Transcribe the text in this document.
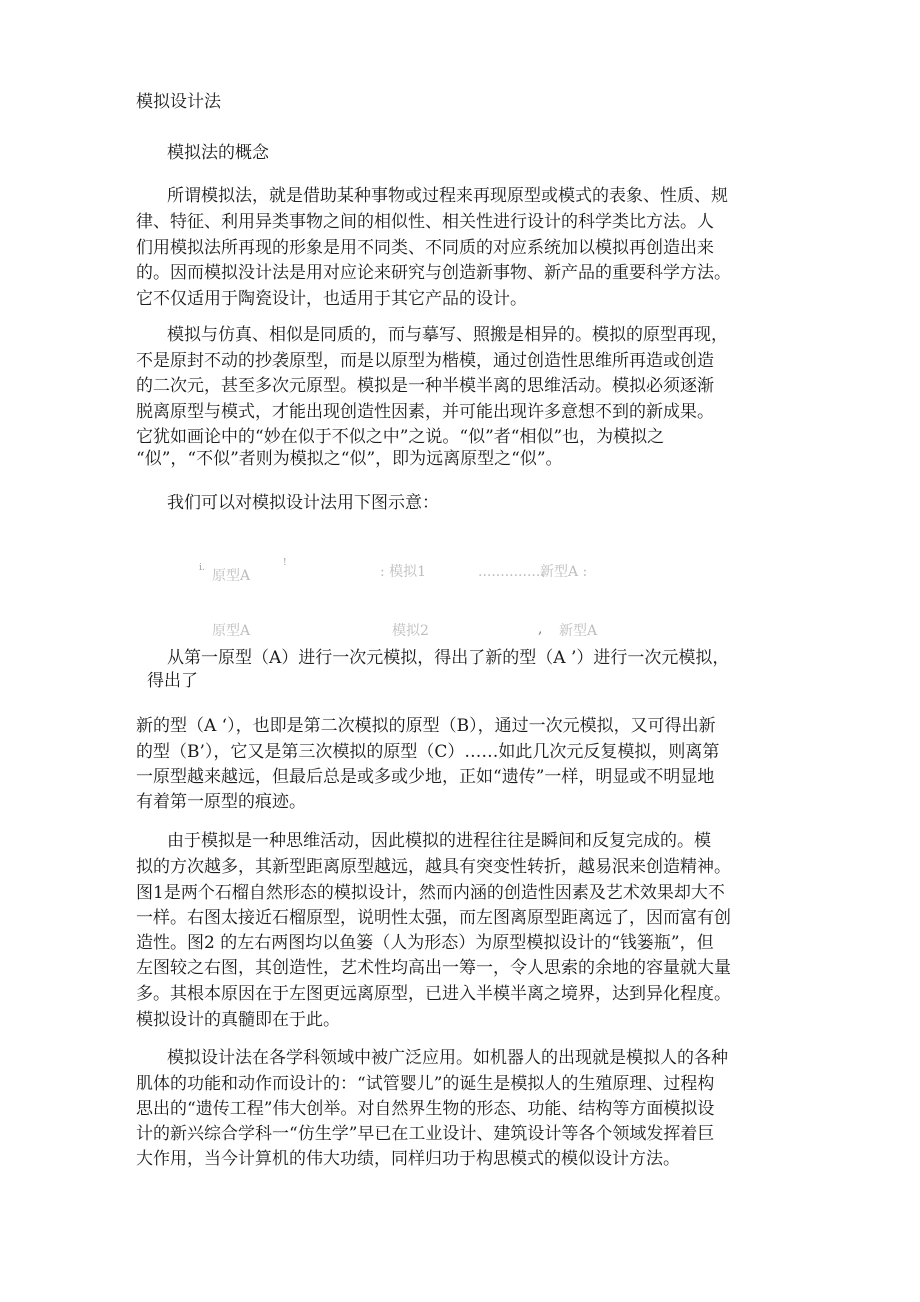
模拟设计法
模拟法的概念
所谓模拟法，就是借助某种事物或过程来再现原型或模式的表象、性质、规
律、特征、利用异类事物之间的相似性、相关性进行设计的科学类比方法。人
们用模拟法所再现的形象是用不同类、不同质的对应系统加以模拟再创造出来
的。因而模拟没计法是用对应论来研究与创造新事物、新产品的重要科学方法。
它不仅适用于陶瓷设计，也适用于其它产品的设计。
模拟与仿真、相似是同质的，而与摹写、照搬是相异的。模拟的原型再现，
不是原封不动的抄袭原型，而是以原型为楷模，通过创造性思维所再造或创造
的二次元，甚至多次元原型。模拟是一种半模半离的思维活动。模拟必须逐渐
脱离原型与模式，才能出现创造性因素，并可能出现许多意想不到的新成果。
它犹如画论中的“妙在似于不似之中”之说。“似”者“相似”也，为模拟之
“似”，“不似”者则为模拟之“似”，即为远离原型之“似”。
我们可以对模拟设计法用下图示意：
i.	!
原型A	: 模拟1	...............
新型A :
原型A	模拟2	, 新型A
从第一原型（A）进行一次元模拟，得出了新的型（A ’）进行一次元模拟，
得出了
新的型（A ‘），也即是第二次模拟的原型（B），通过一次元模拟，又可得出新
的型（B’），它又是第三次模拟的原型（C）……如此几次元反复模拟，则离第
一原型越来越远，但最后总是或多或少地，正如“遗传”一样，明显或不明显地
有着第一原型的痕迹。
由于模拟是一种思维活动，因此模拟的进程往往是瞬间和反复完成的。模
拟的方次越多，其新型距离原型越远，越具有突变性转折，越易泯来创造精神。
图1是两个石榴自然形态的模拟设计，然而内涵的创造性因素及艺术效果却大不
一样。右图太接近石榴原型，说明性太强，而左图离原型距离远了，因而富有创
造性。图2 的左右两图均以鱼篓（人为形态）为原型模拟设计的“钱篓瓶”，但
左图较之右图，其创造性，艺术性均高出一筹一，令人思索的余地的容量就大量
多。其根本原因在于左图更远离原型，已进入半模半离之境界，达到异化程度。
模拟设计的真髓即在于此。
模拟设计法在各学科领域中被广泛应用。如机器人的出现就是模拟人的各种
肌体的功能和动作而设计的：“试管婴儿”的诞生是模拟人的生殖原理、过程构
思出的“遗传工程”伟大创举。对自然界生物的形态、功能、结构等方面模拟设
计的新兴综合学科一“仿生学”早已在工业设计、建筑设计等各个领域发挥着巨
大作用，当今计算机的伟大功绩，同样归功于构思模式的模似设计方法。
